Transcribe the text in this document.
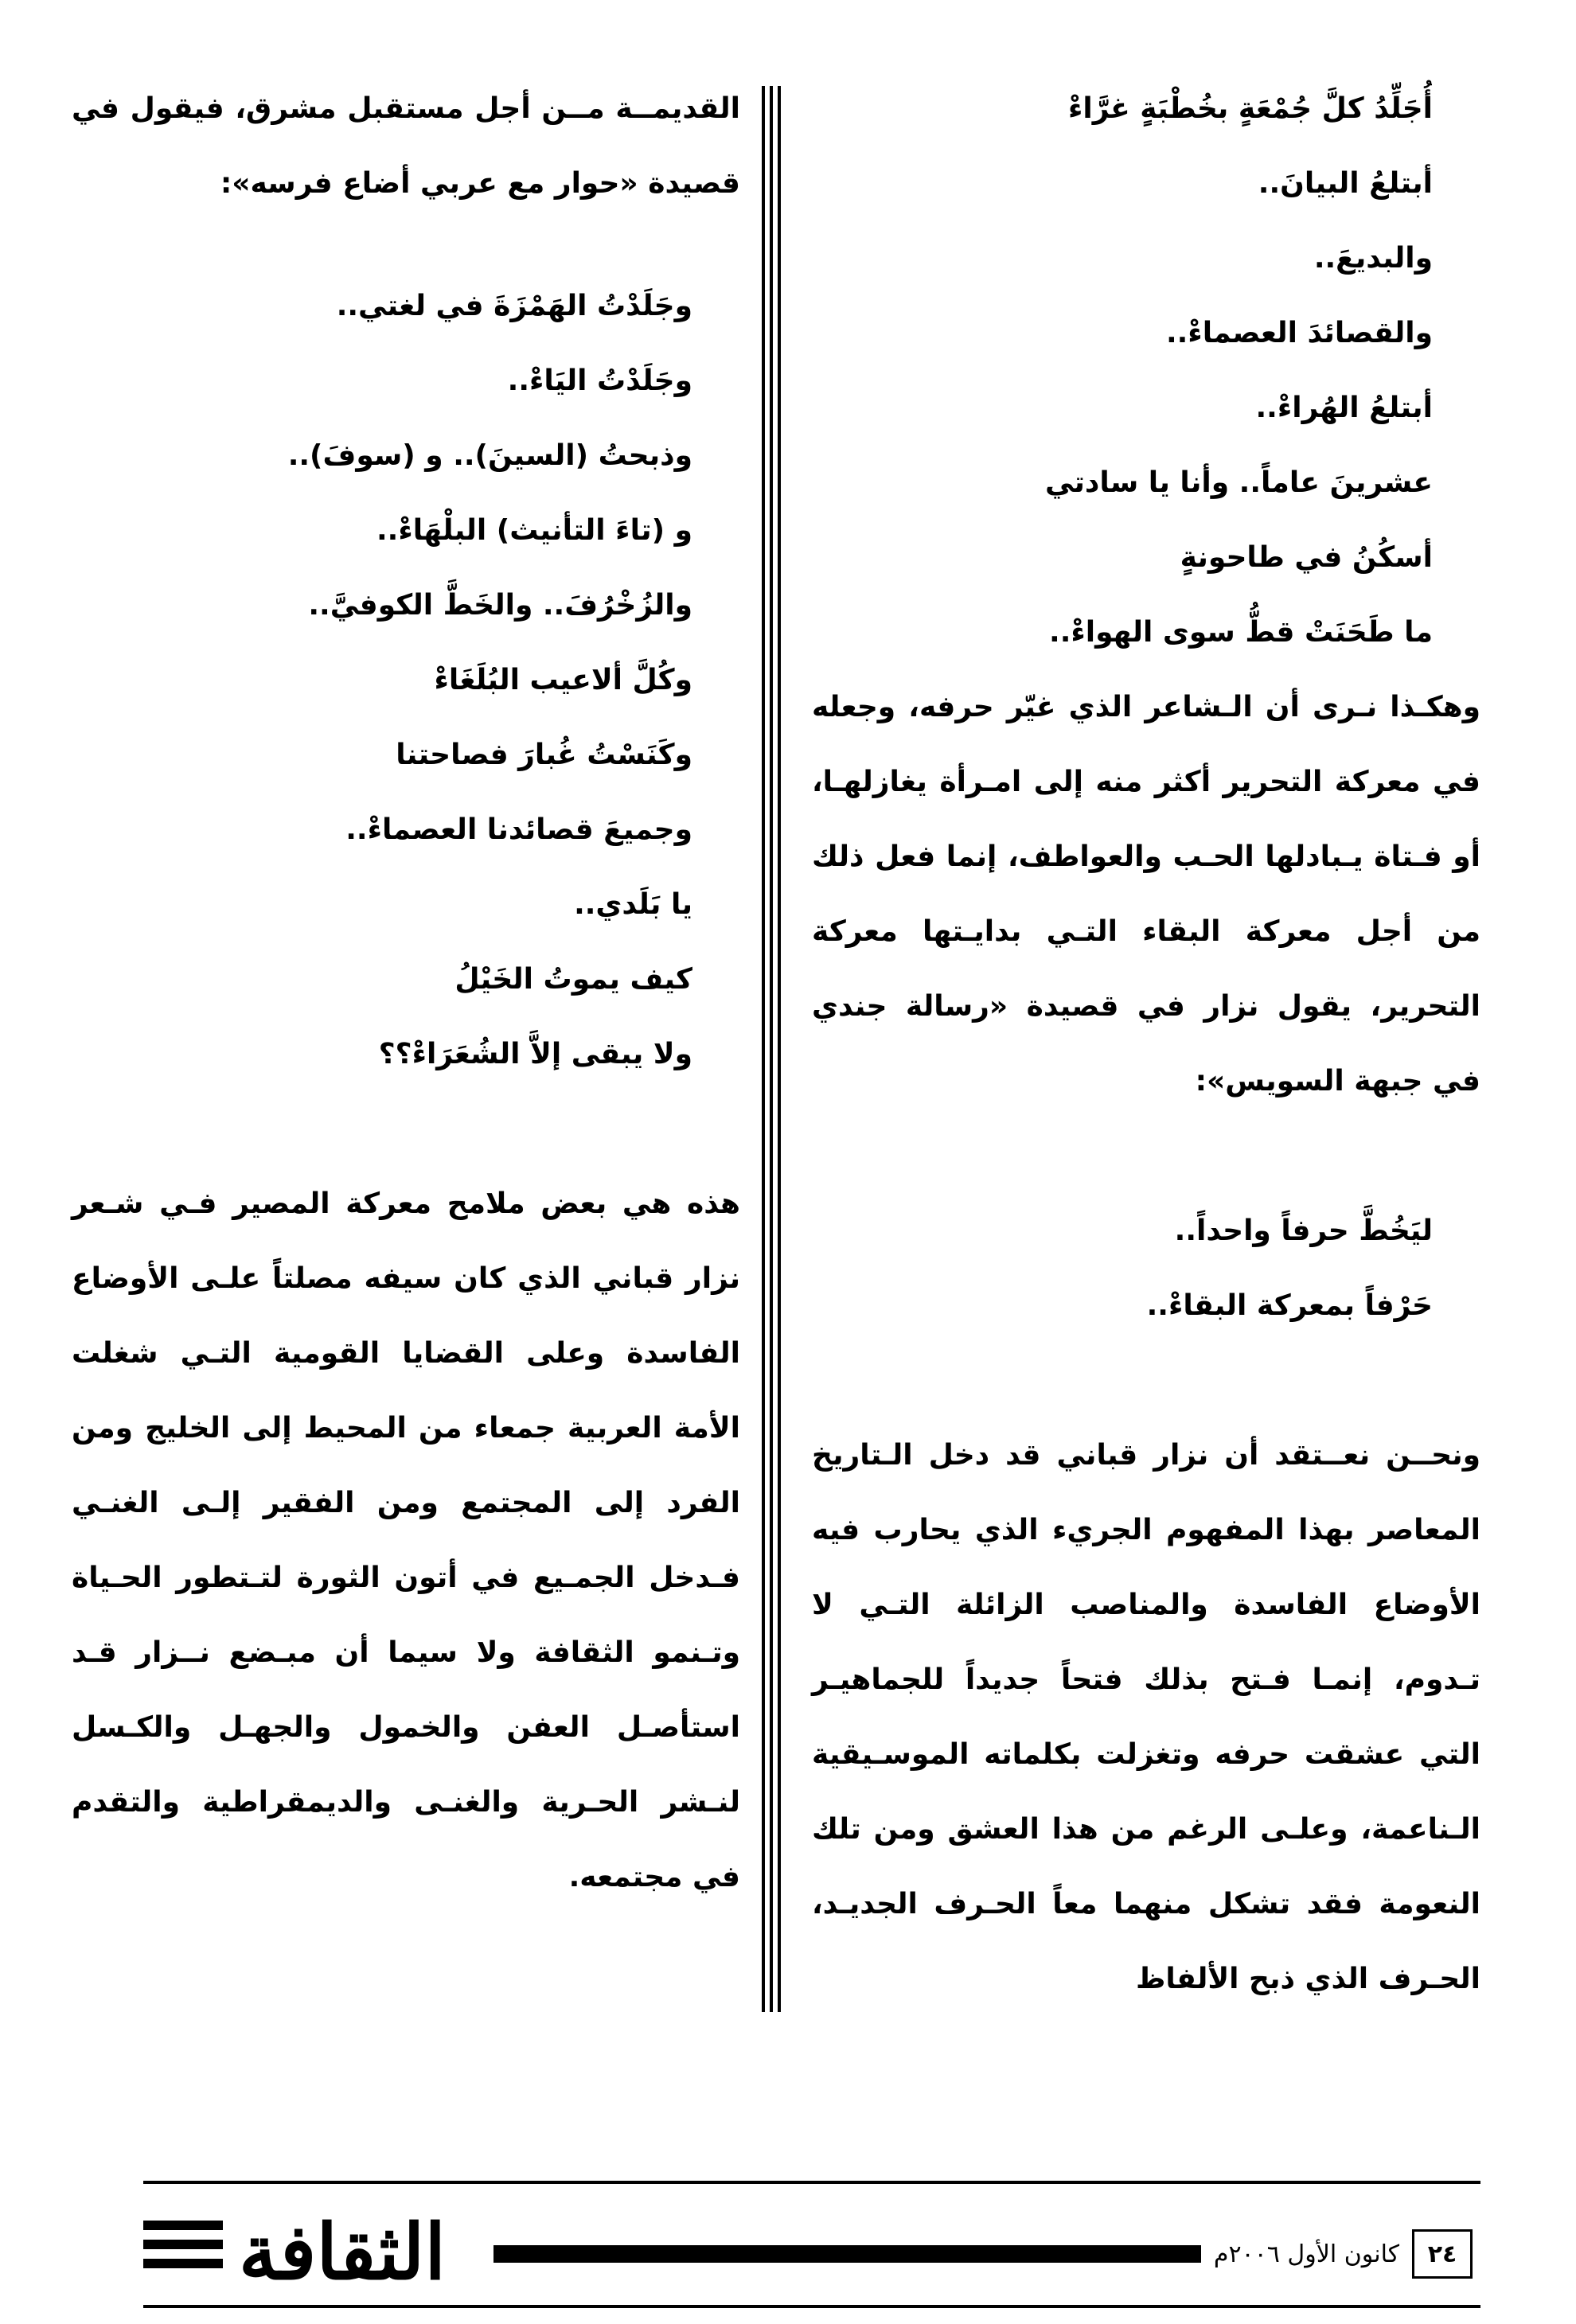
أُجَلِّدُ كلَّ جُمْعَةٍ بخُطْبَةٍ غرَّاءْ

أبتلعُ البيانَ..

والبديعَ..

والقصائدَ العصماءْ..

أبتلعُ الهُراءْ..

عشرينَ عاماً.. وأنا يا سادتي

أسكُنُ في طاحونةٍ

ما طَحَنَتْ قطُّ سوى الهواءْ..

وهكـذا نـرى أن الـشاعر الذي غيّر حرفه، وجعله في معركة التحرير أكثر منه إلى امـرأة يغازلهـا، أو فـتاة يـبادلها الحـب والعواطف، إنما فعل ذلك من أجل معركة البقاء التـي بدايـتها معركة التحرير، يقول نزار في قصيدة «رسالة جندي في جبهة السويس»:

ليَخُطَّ حرفاً واحداً..

حَرْفاً بمعركة البقاءْ..

ونحــن نعــتقد أن نزار قباني قد دخل الـتاريخ المعاصر بهذا المفهوم الجريء الذي يحارب فيه الأوضاع الفاسدة والمناصب الزائلة التـي لا تـدوم، إنمـا فـتح بذلك فتحاً جديداً للجماهيـر التي عشقت حرفه وتغزلت بكلماته الموسـيقية الـناعمة، وعلـى الرغم من هذا العشق ومن تلك النعومة فقد تشكل منهما معاً الحـرف الجديـد، الحـرف الذي ذبح الألفاظ

القديمــة مــن أجل مستقبل مشرق، فيقول في قصيدة «حوار مع عربي أضاع فرسه»:

وجَلَدْتُ الهَمْزَةَ في لغتي..

وجَلَدْتُ اليَاءْ..

وذبحتُ (السينَ).. و (سوفَ)..

و (تاءَ التأنيث) البلْهَاءْ..

والزُخْرُفَ.. والخَطَّ الكوفيَّ..

وكُلَّ ألاعيب البُلَغَاءْ

وكَنَسْتُ غُبارَ فصاحتنا

وجميعَ قصائدنا العصماءْ..

يا بَلَدي..

كيف يموتُ الخَيْلُ

ولا يبقى إلاَّ الشُعَرَاءْ؟؟

هذه هي بعض ملامح معركة المصير فـي شـعر نزار قباني الذي كان سيفه مصلتاً علـى الأوضاع الفاسدة وعلى القضايا القومية التـي شغلت الأمة العربية جمعاء من المحيط إلى الخليج ومن الفرد إلى المجتمع ومن الفقير إلـى الغنـي فـدخل الجمـيع في أتون الثورة لتـتطور الحـياة وتـنمو الثقافة ولا سيما أن مبـضع نــزار قـد استأصـل العفن والخمول والجهـل والكـسل لنـشر الحـرية والغنـى والديمقراطية والتقدم في مجتمعه.

الثقافة	كانون الأول ٢٠٠٦م	٢٤
